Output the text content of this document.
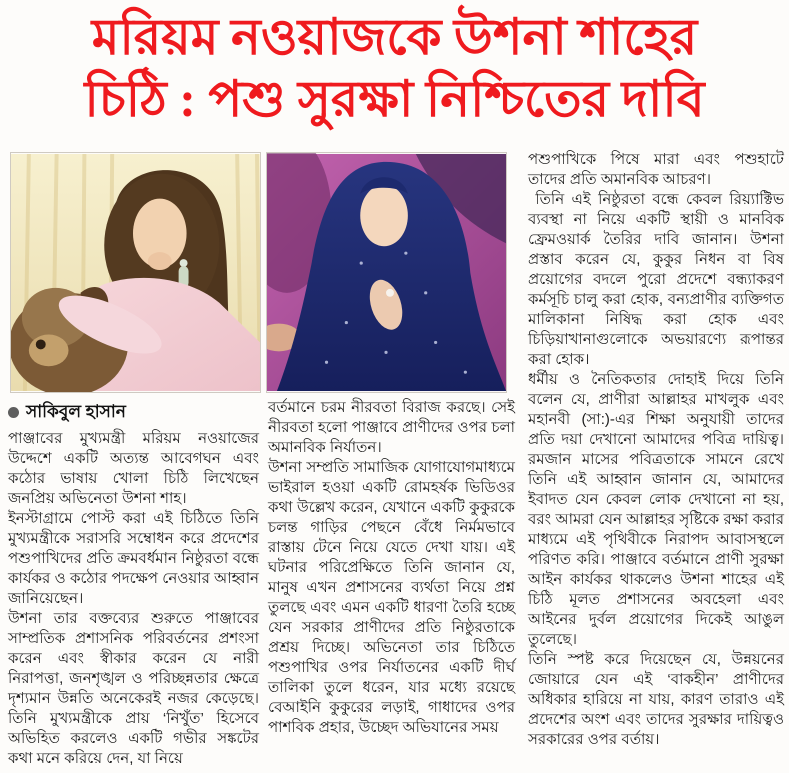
মরিয়ম নওয়াজকে উশনা শাহের
চিঠি : পশু সুরক্ষা নিশ্চিতের দাবি
সাকিবুল হাসান

পাঞ্জাবের মুখ্যমন্ত্রী মরিয়ম নওয়াজের উদ্দেশে একটি অত্যন্ত আবেগঘন এবং কঠোর ভাষায় খোলা চিঠি লিখেছেন জনপ্রিয় অভিনেতা উশনা শাহ।

ইনস্টাগ্রামে পোস্ট করা এই চিঠিতে তিনি মুখ্যমন্ত্রীকে সরাসরি সম্বোধন করে প্রদেশের পশুপাখিদের প্রতি ক্রমবর্ধমান নিষ্ঠুরতা বন্ধে কার্যকর ও কঠোর পদক্ষেপ নেওয়ার আহ্বান জানিয়েছেন।

উশনা তার বক্তব্যের শুরুতে পাঞ্জাবের সাম্প্রতিক প্রশাসনিক পরিবর্তনের প্রশংসা করেন এবং স্বীকার করেন যে নারী নিরাপত্তা, জনশৃঙ্খল ও পরিচ্ছন্নতার ক্ষেত্রে দৃশ্যমান উন্নতি অনেকেরই নজর কেড়েছে। তিনি মুখ্যমন্ত্রীকে প্রায় ‘নিখুঁত’ হিসেবে অভিহিত করলেও একটি গভীর সঙ্কটের কথা মনে করিয়ে দেন, যা নিয়ে

বর্তমানে চরম নীরবতা বিরাজ করছে। সেই নীরবতা হলো পাঞ্জাবে প্রাণীদের ওপর চলা অমানবিক নির্যাতন।

উশনা সম্প্রতি সামাজিক যোগাযোগমাধ্যমে ভাইরাল হওয়া একটি রোমহর্ষক ভিডিওর কথা উল্লেখ করেন, যেখানে একটি কুকুরকে চলন্ত গাড়ির পেছনে বেঁধে নির্মমভাবে রাস্তায় টেনে নিয়ে যেতে দেখা যায়। এই ঘটনার পরিপ্রেক্ষিতে তিনি জানান যে, মানুষ এখন প্রশাসনের ব্যর্থতা নিয়ে প্রশ্ন তুলছে এবং এমন একটি ধারণা তৈরি হচ্ছে যেন সরকার প্রাণীদের প্রতি নিষ্ঠুরতাকে প্রশ্রয় দিচ্ছে। অভিনেতা তার চিঠিতে পশুপাখির ওপর নির্যাতনের একটি দীর্ঘ তালিকা তুলে ধরেন, যার মধ্যে রয়েছে বেআইনি কুকুরের লড়াই, গাধাদের ওপর পাশবিক প্রহার, উচ্ছেদ অভিযানের সময়

পশুপাখিকে পিষে মারা এবং পশুহাটে তাদের প্রতি অমানবিক আচরণ।

তিনি এই নিষ্ঠুরতা বন্ধে কেবল রিয়্যাক্টিভ ব্যবস্থা না নিয়ে একটি স্থায়ী ও মানবিক ফ্রেমওয়ার্ক তৈরির দাবি জানান। উশনা প্রস্তাব করেন যে, কুকুর নিধন বা বিষ প্রয়োগের বদলে পুরো প্রদেশে বন্ধ্যাকরণ কর্মসূচি চালু করা হোক, বন্যপ্রাণীর ব্যক্তিগত মালিকানা নিষিদ্ধ করা হোক এবং চিড়িয়াখানাগুলোকে অভয়ারণ্যে রূপান্তর করা হোক।

ধর্মীয় ও নৈতিকতার দোহাই দিয়ে তিনি বলেন যে, প্রাণীরা আল্লাহর মাখলুক এবং মহানবী (সা:)-এর শিক্ষা অনুযায়ী তাদের প্রতি দয়া দেখানো আমাদের পবিত্র দায়িত্ব। রমজান মাসের পবিত্রতাকে সামনে রেখে তিনি এই আহ্বান জানান যে, আমাদের ইবাদত যেন কেবল লোক দেখানো না হয়, বরং আমরা যেন আল্লাহর সৃষ্টিকে রক্ষা করার মাধ্যমে এই পৃথিবীকে নিরাপদ আবাসস্থলে পরিণত করি। পাঞ্জাবে বর্তমানে প্রাণী সুরক্ষা আইন কার্যকর থাকলেও উশনা শাহের এই চিঠি মূলত প্রশাসনের অবহেলা এবং আইনের দুর্বল প্রয়োগের দিকেই আঙুল তুলেছে।

তিনি স্পষ্ট করে দিয়েছেন যে, উন্নয়নের জোয়ারে যেন এই ‘বাকহীন’ প্রাণীদের অধিকার হারিয়ে না যায়, কারণ তারাও এই প্রদেশের অংশ এবং তাদের সুরক্ষার দায়িত্বও সরকারের ওপর বর্তায়।
